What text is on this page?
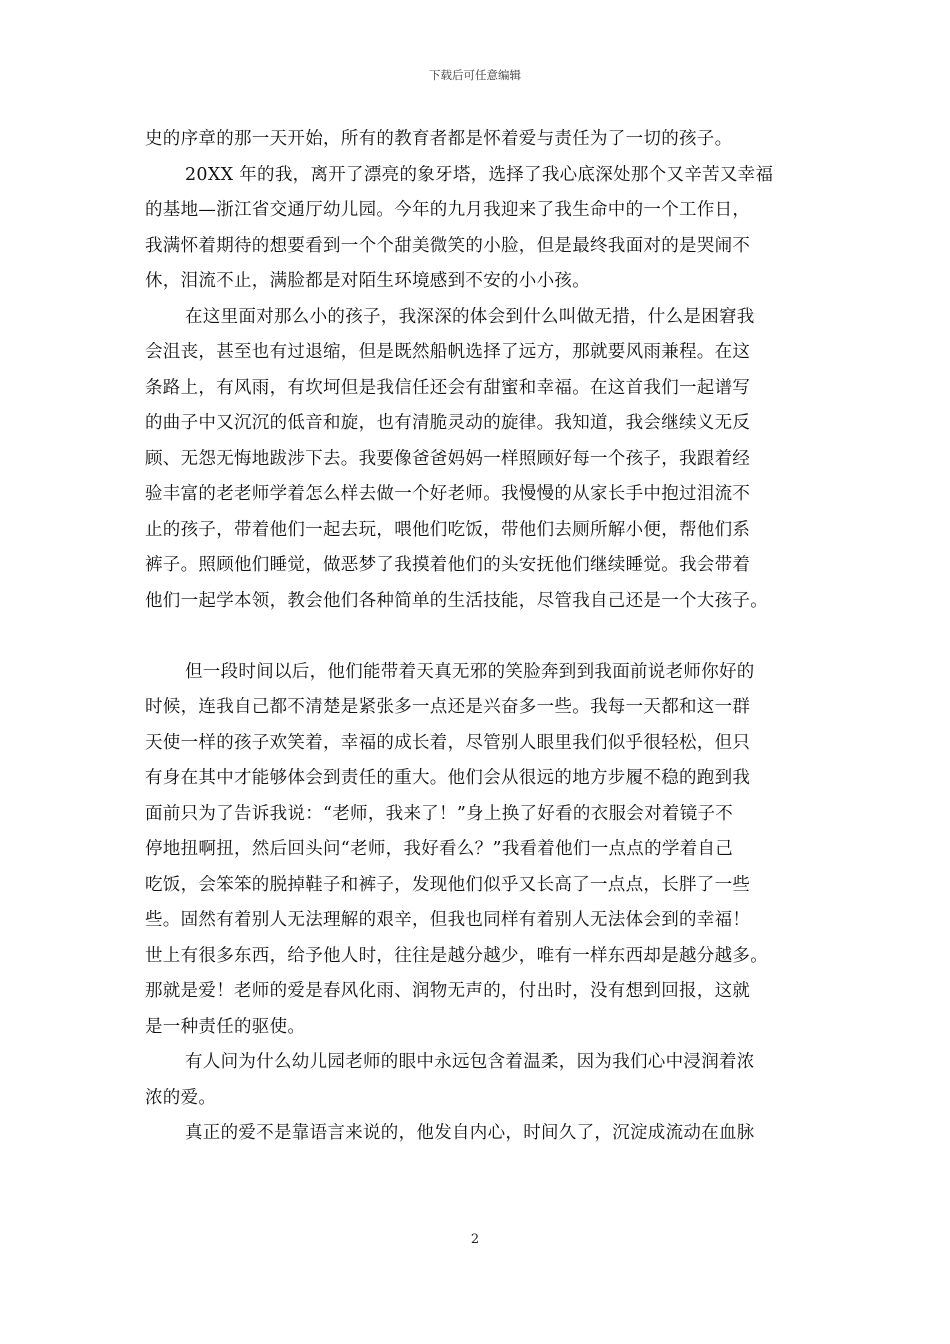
下载后可任意编辑
史的序章的那一天开始，所有的教育者都是怀着爱与责任为了一切的孩子。
20XX 年的我，离开了漂亮的象牙塔，选择了我心底深处那个又辛苦又幸福
的基地—浙江省交通厅幼儿园。今年的九月我迎来了我生命中的一个工作日，
我满怀着期待的想要看到一个个甜美微笑的小脸，但是最终我面对的是哭闹不
休，泪流不止，满脸都是对陌生环境感到不安的小小孩。
在这里面对那么小的孩子，我深深的体会到什么叫做无措，什么是困窘我
会沮丧，甚至也有过退缩，但是既然船帆选择了远方，那就要风雨兼程。在这
条路上，有风雨，有坎坷但是我信任还会有甜蜜和幸福。在这首我们一起谱写
的曲子中又沉沉的低音和旋，也有清脆灵动的旋律。我知道，我会继续义无反
顾、无怨无悔地跋涉下去。我要像爸爸妈妈一样照顾好每一个孩子，我跟着经
验丰富的老老师学着怎么样去做一个好老师。我慢慢的从家长手中抱过泪流不
止的孩子，带着他们一起去玩，喂他们吃饭，带他们去厕所解小便，帮他们系
裤子。照顾他们睡觉，做恶梦了我摸着他们的头安抚他们继续睡觉。我会带着
他们一起学本领，教会他们各种简单的生活技能，尽管我自己还是一个大孩子。
但一段时间以后，他们能带着天真无邪的笑脸奔到到我面前说老师你好的
时候，连我自己都不清楚是紧张多一点还是兴奋多一些。我每一天都和这一群
天使一样的孩子欢笑着，幸福的成长着，尽管别人眼里我们似乎很轻松，但只
有身在其中才能够体会到责任的重大。他们会从很远的地方步履不稳的跑到我
面前只为了告诉我说：“老师，我来了！”身上换了好看的衣服会对着镜子不
停地扭啊扭，然后回头问“老师，我好看么？”我看着他们一点点的学着自己
吃饭，会笨笨的脱掉鞋子和裤子，发现他们似乎又长高了一点点，长胖了一些
些。固然有着别人无法理解的艰辛，但我也同样有着别人无法体会到的幸福！
世上有很多东西，给予他人时，往往是越分越少，唯有一样东西却是越分越多。
那就是爱！老师的爱是春风化雨、润物无声的，付出时，没有想到回报，这就
是一种责任的驱使。
有人问为什么幼儿园老师的眼中永远包含着温柔，因为我们心中浸润着浓
浓的爱。
真正的爱不是靠语言来说的，他发自内心，时间久了，沉淀成流动在血脉
2
